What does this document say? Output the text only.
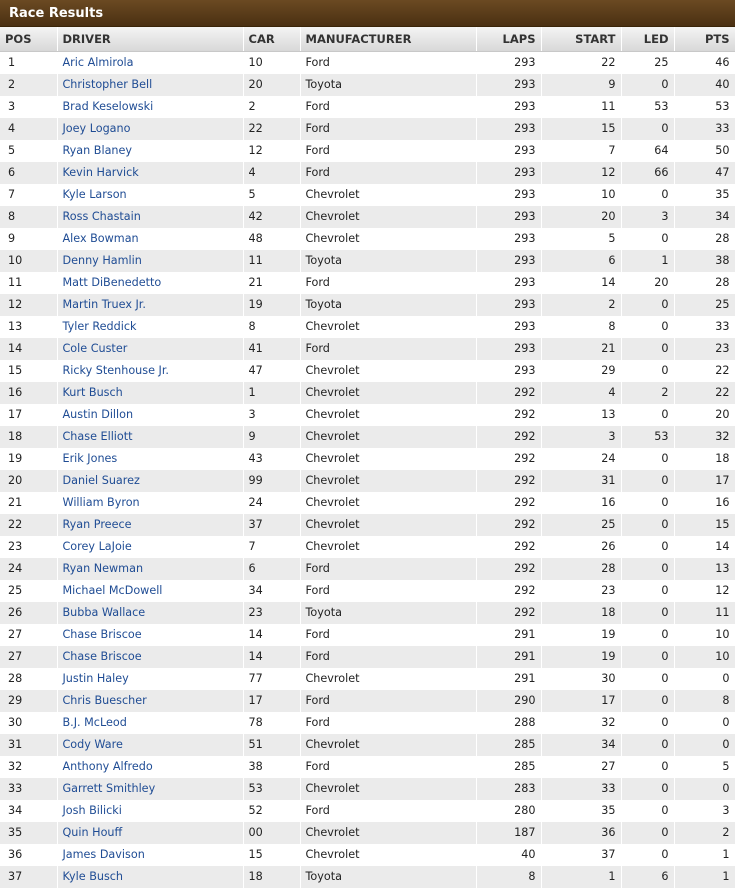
Race Results
POS	DRIVER	CAR	MANUFACTURER	LAPS	START	LED	PTS
1	Aric Almirola	10	Ford	293	22	25	46
2	Christopher Bell	20	Toyota	293	9	0	40
3	Brad Keselowski	2	Ford	293	11	53	53
4	Joey Logano	22	Ford	293	15	0	33
5	Ryan Blaney	12	Ford	293	7	64	50
6	Kevin Harvick	4	Ford	293	12	66	47
7	Kyle Larson	5	Chevrolet	293	10	0	35
8	Ross Chastain	42	Chevrolet	293	20	3	34
9	Alex Bowman	48	Chevrolet	293	5	0	28
10	Denny Hamlin	11	Toyota	293	6	1	38
11	Matt DiBenedetto	21	Ford	293	14	20	28
12	Martin Truex Jr.	19	Toyota	293	2	0	25
13	Tyler Reddick	8	Chevrolet	293	8	0	33
14	Cole Custer	41	Ford	293	21	0	23
15	Ricky Stenhouse Jr.	47	Chevrolet	293	29	0	22
16	Kurt Busch	1	Chevrolet	292	4	2	22
17	Austin Dillon	3	Chevrolet	292	13	0	20
18	Chase Elliott	9	Chevrolet	292	3	53	32
19	Erik Jones	43	Chevrolet	292	24	0	18
20	Daniel Suarez	99	Chevrolet	292	31	0	17
21	William Byron	24	Chevrolet	292	16	0	16
22	Ryan Preece	37	Chevrolet	292	25	0	15
23	Corey LaJoie	7	Chevrolet	292	26	0	14
24	Ryan Newman	6	Ford	292	28	0	13
25	Michael McDowell	34	Ford	292	23	0	12
26	Bubba Wallace	23	Toyota	292	18	0	11
27	Chase Briscoe	14	Ford	291	19	0	10
27	Chase Briscoe	14	Ford	291	19	0	10
28	Justin Haley	77	Chevrolet	291	30	0	0
29	Chris Buescher	17	Ford	290	17	0	8
30	B.J. McLeod	78	Ford	288	32	0	0
31	Cody Ware	51	Chevrolet	285	34	0	0
32	Anthony Alfredo	38	Ford	285	27	0	5
33	Garrett Smithley	53	Chevrolet	283	33	0	0
34	Josh Bilicki	52	Ford	280	35	0	3
35	Quin Houff	00	Chevrolet	187	36	0	2
36	James Davison	15	Chevrolet	40	37	0	1
37	Kyle Busch	18	Toyota	8	1	6	1
